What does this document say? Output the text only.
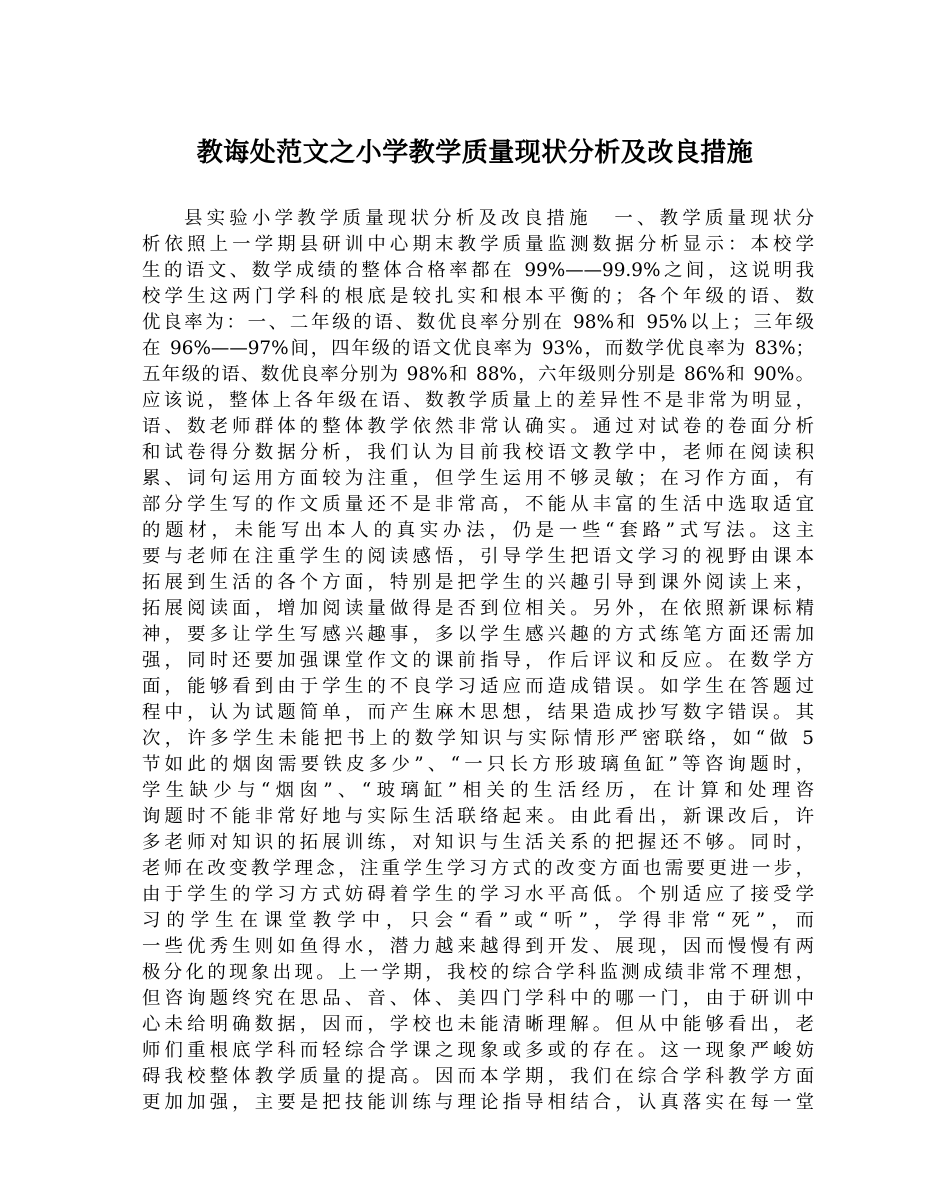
教诲处范文之小学教学质量现状分析及改良措施
县实验小学教学质量现状分析及改良措施　一、教学质量现状分
析依照上一学期县研训中心期末教学质量监测数据分析显示：本校学
生的语文、数学成绩的整体合格率都在 99%——99.9%之间，这说明我
校学生这两门学科的根底是较扎实和根本平衡的；各个年级的语、数
优良率为：一、二年级的语、数优良率分别在 98%和 95%以上；三年级
在 96%——97%间，四年级的语文优良率为 93%，而数学优良率为 83%；
五年级的语、数优良率分别为 98%和 88%，六年级则分别是 86%和 90%。
应该说，整体上各年级在语、数教学质量上的差异性不是非常为明显，
语、数老师群体的整体教学依然非常认确实。通过对试卷的卷面分析
和试卷得分数据分析，我们认为目前我校语文教学中，老师在阅读积
累、词句运用方面较为注重，但学生运用不够灵敏；在习作方面，有
部分学生写的作文质量还不是非常高，不能从丰富的生活中选取适宜
的题材，未能写出本人的真实办法，仍是一些“套路”式写法。这主
要与老师在注重学生的阅读感悟，引导学生把语文学习的视野由课本
拓展到生活的各个方面，特别是把学生的兴趣引导到课外阅读上来，
拓展阅读面，增加阅读量做得是否到位相关。另外，在依照新课标精
神，要多让学生写感兴趣事，多以学生感兴趣的方式练笔方面还需加
强，同时还要加强课堂作文的课前指导，作后评议和反应。在数学方
面，能够看到由于学生的不良学习适应而造成错误。如学生在答题过
程中，认为试题简单，而产生麻木思想，结果造成抄写数字错误。其
次，许多学生未能把书上的数学知识与实际情形严密联络，如“做 5
节如此的烟囱需要铁皮多少”、“一只长方形玻璃鱼缸”等咨询题时，
学生缺少与“烟囱”、“玻璃缸”相关的生活经历，在计算和处理咨
询题时不能非常好地与实际生活联络起来。由此看出，新课改后，许
多老师对知识的拓展训练，对知识与生活关系的把握还不够。同时，
老师在改变教学理念，注重学生学习方式的改变方面也需要更进一步，
由于学生的学习方式妨碍着学生的学习水平高低。个别适应了接受学
习的学生在课堂教学中，只会“看”或“听”，学得非常“死”，而
一些优秀生则如鱼得水，潜力越来越得到开发、展现，因而慢慢有两
极分化的现象出现。上一学期，我校的综合学科监测成绩非常不理想，
但咨询题终究在思品、音、体、美四门学科中的哪一门，由于研训中
心未给明确数据，因而，学校也未能清晰理解。但从中能够看出，老
师们重根底学科而轻综合学课之现象或多或的存在。这一现象严峻妨
碍我校整体教学质量的提高。因而本学期，我们在综合学科教学方面
更加加强，主要是把技能训练与理论指导相结合，认真落实在每一堂
